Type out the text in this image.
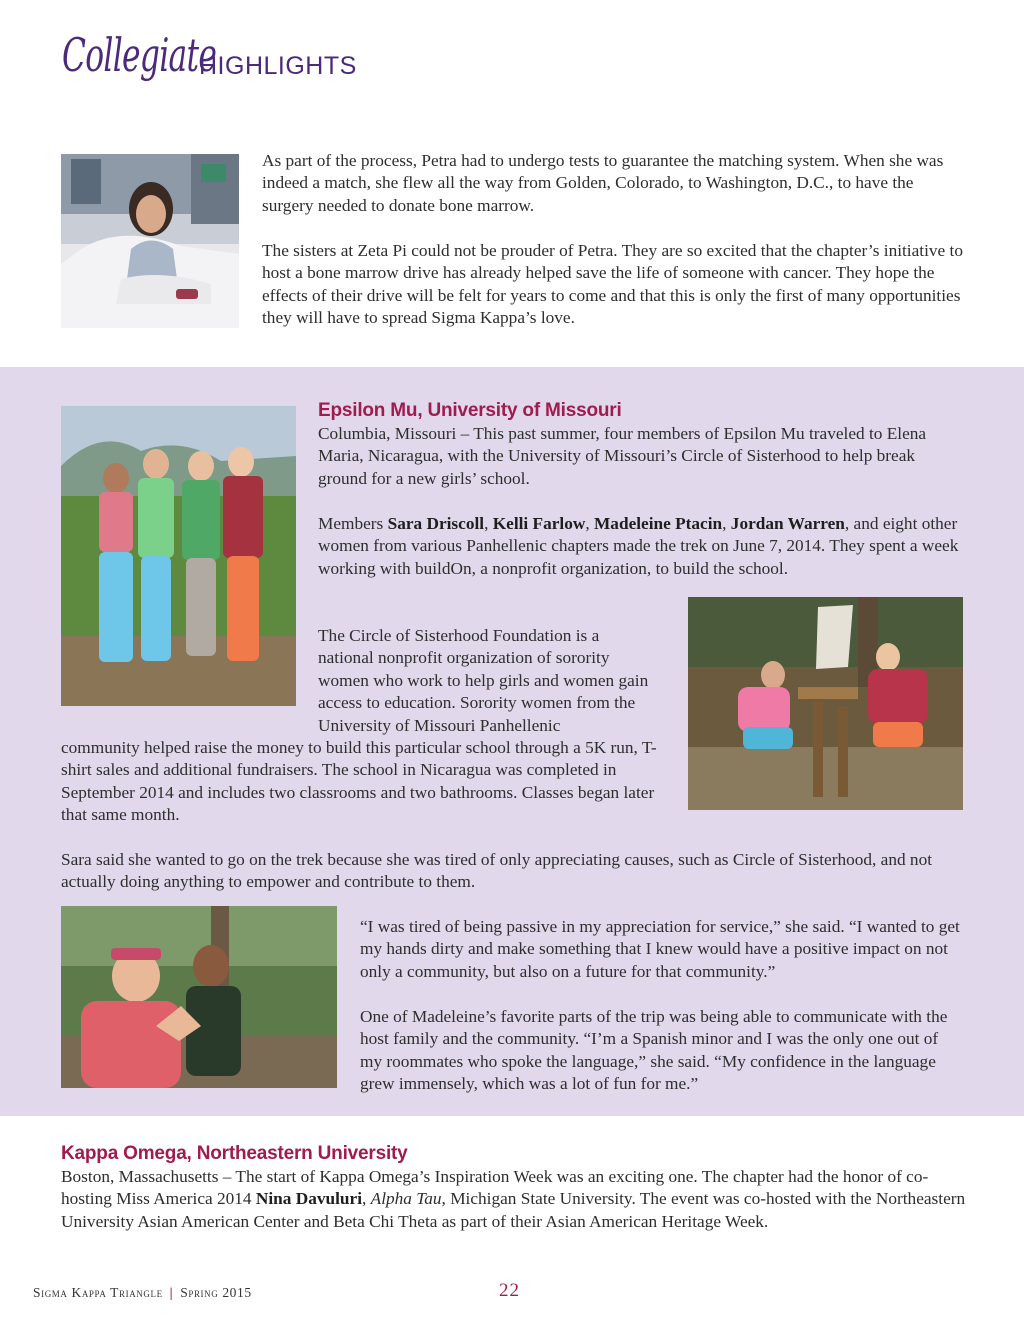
Collegiate
HIGHLIGHTS

As part of the process, Petra had to undergo tests to guarantee the matching system. When she was indeed a match, she flew all the way from Golden, Colorado, to Washington, D.C., to have the surgery needed to donate bone marrow.

The sisters at Zeta Pi could not be prouder of Petra. They are so excited that the chapter’s initiative to host a bone marrow drive has already helped save the life of someone with cancer. They hope the effects of their drive will be felt for years to come and that this is only the first of many opportunities they will have to spread Sigma Kappa’s love.

Epsilon Mu, University of Missouri

Columbia, Missouri – This past summer, four members of Epsilon Mu traveled to Elena Maria, Nicaragua, with the University of Missouri’s Circle of Sisterhood to help break ground for a new girls’ school.

Members Sara Driscoll, Kelli Farlow, Madeleine Ptacin, Jordan Warren, and eight other women from various Panhellenic chapters made the trek on June 7, 2014. They spent a week working with buildOn, a nonprofit organization, to build the school.

The Circle of Sisterhood Foundation is a national nonprofit organization of sorority women who work to help girls and women gain access to education. Sorority women from the University of Missouri Panhellenic

community helped raise the money to build this particular school through a 5K run, T-shirt sales and additional fundraisers. The school in Nicaragua was completed in September 2014 and includes two classrooms and two bathrooms. Classes began later that same month.

Sara said she wanted to go on the trek because she was tired of only appreciating causes, such as Circle of Sisterhood, and not actually doing anything to empower and contribute to them.

“I was tired of being passive in my appreciation for service,” she said. “I wanted to get my hands dirty and make something that I knew would have a positive impact on not only a community, but also on a future for that community.”

One of Madeleine’s favorite parts of the trip was being able to communicate with the host family and the community. “I’m a Spanish minor and I was the only one out of my roommates who spoke the language,” she said. “My confidence in the language grew immensely, which was a lot of fun for me.”

Kappa Omega, Northeastern University

Boston, Massachusetts – The start of Kappa Omega’s Inspiration Week was an exciting one. The chapter had the honor of co-hosting Miss America 2014 Nina Davuluri, Alpha Tau, Michigan State University. The event was co-hosted with the Northeastern University Asian American Center and Beta Chi Theta as part of their Asian American Heritage Week.

Sigma Kappa Triangle | Spring 2015	22
